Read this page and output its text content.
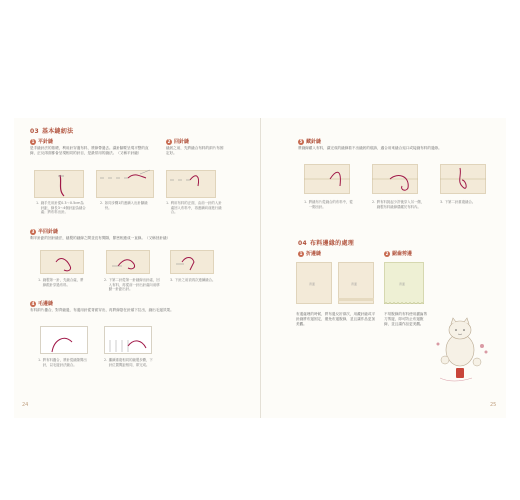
03 基本縫紉法
1 平針縫
是手縫針法的基礎，利用針穿過布料，將線帶過去。讓針腳要呈現平整的直線，正反兩面都會呈現相同的針目，是最常用的縫法。（又稱平針縫）
1. 縫手先用針從0.3～0.5cm為針距，線長3～4個針距為縫合處；將布料出針。
2. 如同步驟1的連續入出針腳縫份。
2 回針縫
縫紉之前，先將縫合布料的兩片布固定好。
1. 利用布料的正面，由前一針的入針處回入布料中，再連續向前進行縫合。
3 半回針縫
剩半針距的回針縫法，縫製的縫線之間並沒有間隔，緊密相連成一直線。（又稱回針縫）
1. 縫製第一針，先縫合處，將線跟針穿過布料。
2. 下第二針從第一針縫線出針處，回入布料，再從前一針出針處向前移動一針距出針。
3. 下針之前須再次連續縫合。
4 毛邊縫
布料兩片疊合，對齊縫邊，布邊用針從背面穿出，再將線掛在針頭下拉出，縫出毛邊效果。
1. 將布料疊合，將針從縫隙間出針，以毛邊針法縫合。
2. 繼續重複相同的縫製步驟，下針位置間距相同，即完成。
24
5 藏針縫
將縫線藏入布料，讓完成的縫線看不出縫紉的痕跡，適合用來縫合返口或接縫布料的邊緣。
1. 將縫布片從縫合的布料中，從一側出針。
2. 將布料挑起少許後穿入另一側，縫製布料縫線隱藏於布料內。
3. 下第二針重複縫合。
04 布料邊緣的處理
1 折邊縫
背面	背面
布邊處理的時候，將布邊反折兩次，用藏針縫或平針縫將布邊固定，避免布邊脫線，並且讓作品更加美觀。
2 鋸齒剪邊
背面
不易脫線的布料使用鋸齒剪刀剪邊，即可防止布邊脫線，並且讓作品更美觀。
25
